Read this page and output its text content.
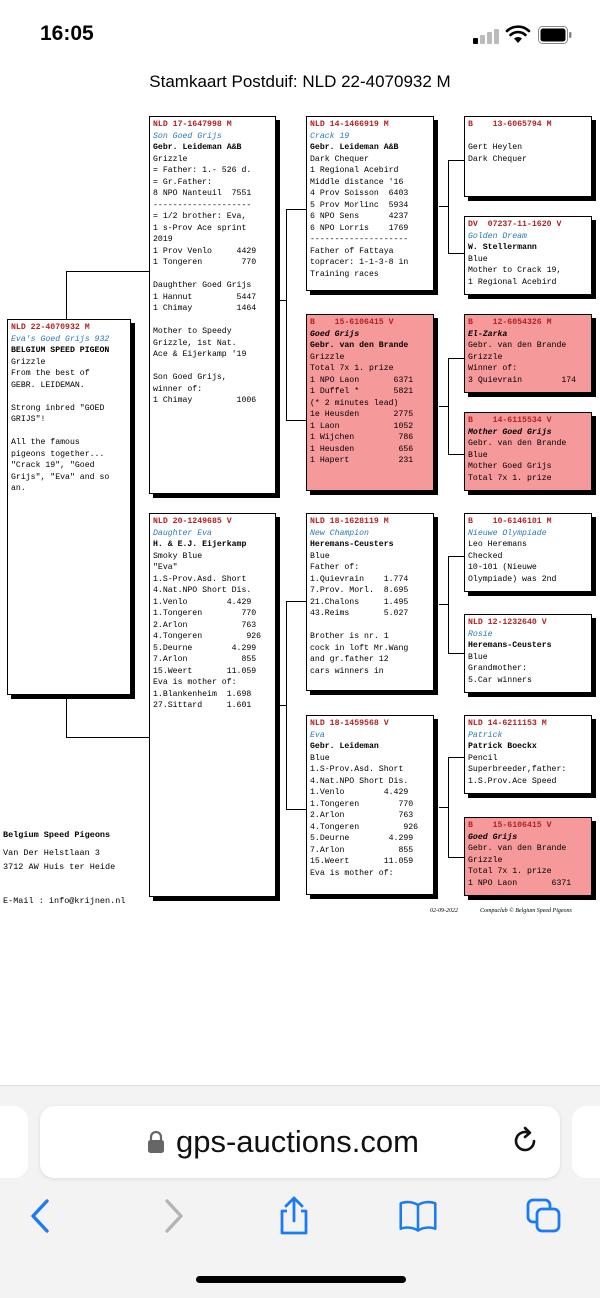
16:05
Stamkaart Postduif: NLD 22-4070932 M
NLD 22-4070932 M
Eva's Goed Grijs 932
BELGIUM SPEED PIGEON
Grizzle
From the best of
GEBR. LEIDEMAN.

Strong inbred "GOED
GRIJS"!

All the famous
pigeons together...
"Crack 19", "Goed
Grijs", "Eva" and so
an.
NLD 17-1647998 M
Son Goed Grijs
Gebr. Leideman A&B
Grizzle
= Father: 1.- 526 d.
= Gr.Father:
8 NPO Nanteuil  7551
--------------------
= 1/2 brother: Eva,
1 s-Prov Ace sprint
2019
1 Prov Venlo     4429
1 Tongeren        770

Daughther Goed Grijs
1 Hannut         5447
1 Chimay         1464

Mother to Speedy
Grizzle, 1st Nat.
Ace & Eijerkamp '19

Son Goed Grijs,
winner of:
1 Chimay         1006
NLD 20-1249685 V
Daughter Eva
H. & E.J. Eijerkamp
Smoky Blue
"Eva"
1.S-Prov.Asd. Short
4.Nat.NPO Short Dis.
1.Venlo        4.429
1.Tongeren        770
2.Arlon           763
4.Tongeren         926
5.Deurne        4.299
7.Arlon           855
15.Weert       11.059
Eva is mother of:
1.Blankenheim  1.698
27.Sittard     1.601
NLD 14-1466919 M
Crack 19
Gebr. Leideman A&B
Dark Chequer
1 Regional Acebird
Middle distance '16
4 Prov Soisson  6403
5 Prov Morlinc  5934
6 NPO Sens      4237
6 NPO Lorris    1769
--------------------
Father of Fattaya
topracer: 1-1-3-8 in
Training races
B    15-6106415 V
Goed Grijs
Gebr. van den Brande
Grizzle
Total 7x 1. prize
1 NPO Laon       6371
1 Duffel *       5821
(* 2 minutes lead)
1e Heusden       2775
1 Laon           1052
1 Wijchen         786
1 Heusden         656
1 Hapert          231
NLD 18-1628119 M
New Champion
Heremans-Ceusters
Blue
Father of:
1.Quievrain    1.774
7.Prov. Morl.  8.695
21.Chalons     1.495
43.Reims       5.027

Brother is nr. 1
cock in loft Mr.Wang
and gr.father 12
cars winners in
NLD 18-1459568 V
Eva
Gebr. Leideman
Blue
1.S-Prov.Asd. Short
4.Nat.NPO Short Dis.
1.Venlo        4.429
1.Tongeren        770
2.Arlon           763
4.Tongeren         926
5.Deurne        4.299
7.Arlon           855
15.Weert       11.059
Eva is mother of:
B    13-6065794 M

Gert Heylen
Dark Chequer
DV  07237-11-1620 V
Golden Dream
W. Stellermann
Blue
Mother to Crack 19,
1 Regional Acebird
B    12-6054326 M
El-Zarka
Gebr. van den Brande
Grizzle
Winner of:
3 Quievrain        174
B    14-6115534 V
Mother Goed Grijs
Gebr. van den Brande
Blue
Mother Goed Grijs
Total 7x 1. prize
B    10-6146101 M
Nieuwe Olympiade
Leo Heremans
Checked
10-101 (Nieuwe
Olympiade) was 2nd
NLD 12-1232640 V
Rosie
Heremans-Ceusters
Blue
Grandmother:
5.Car winners
NLD 14-6211153 M
Patrick
Patrick Boeckx
Pencil
Superbreeder,father:
1.S.Prov.Ace Speed
B    15-6106415 V
Goed Grijs
Gebr. van den Brande
Grizzle
Total 7x 1. prize
1 NPO Laon       6371
Belgium Speed Pigeons
Van Der Helstlaan 3
3712 AW Huis ter Heide
E-Mail : info@krijnen.nl
02-09-2022	Compuclub © Belgium Speed Pigeons
gps-auctions.com
